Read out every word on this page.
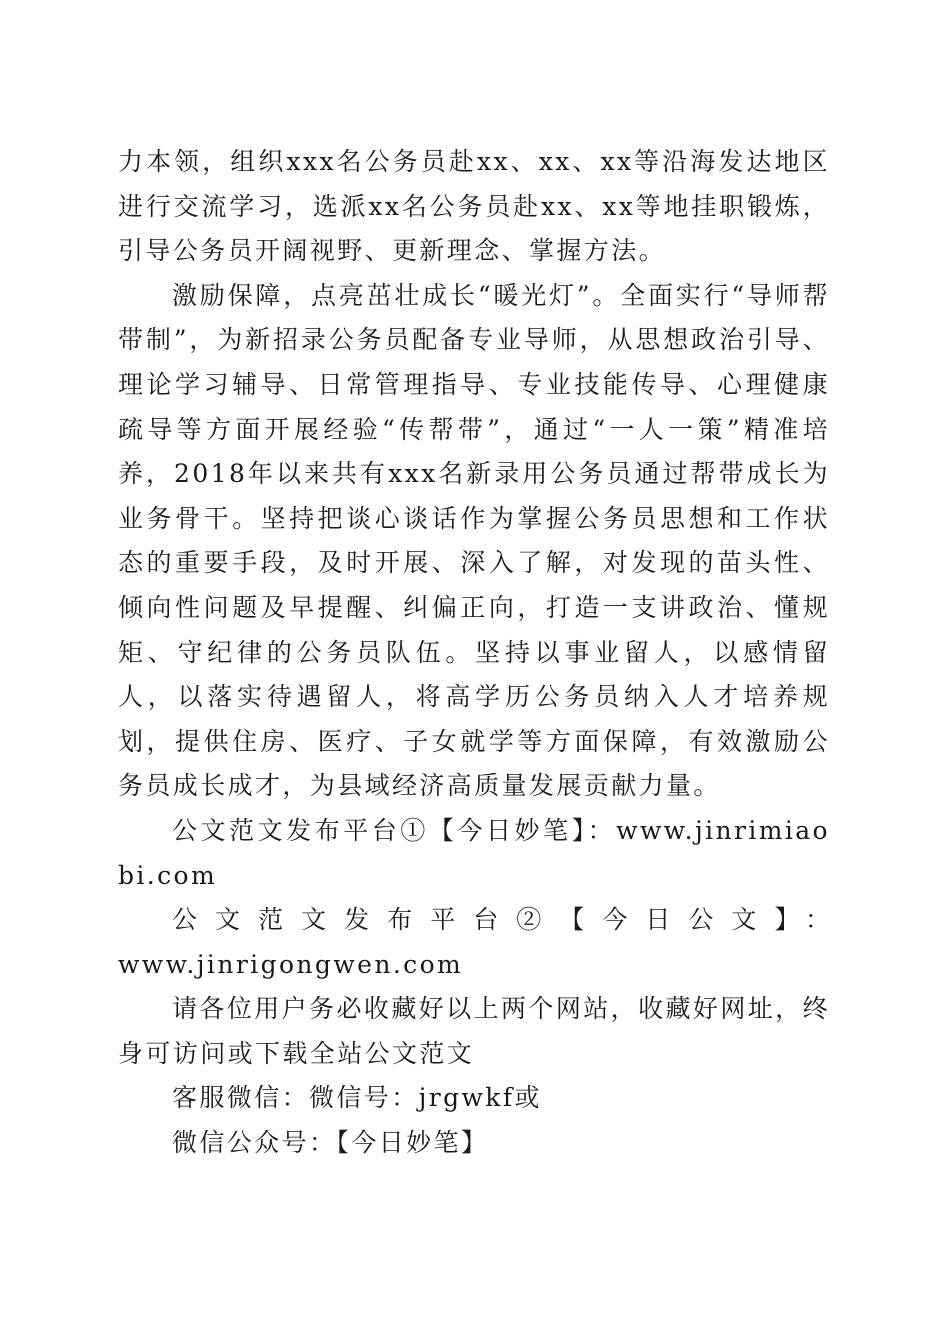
力本领，组织xxx名公务员赴xx、xx、xx等沿海发达地区进行交流学习，选派xx名公务员赴xx、xx等地挂职锻炼，引导公务员开阔视野、更新理念、掌握方法。

激励保障，点亮茁壮成长“暖光灯”。全面实行“导师帮带制”，为新招录公务员配备专业导师，从思想政治引导、理论学习辅导、日常管理指导、专业技能传导、心理健康疏导等方面开展经验“传帮带”，通过“一人一策”精准培养，2018年以来共有xxx名新录用公务员通过帮带成长为业务骨干。坚持把谈心谈话作为掌握公务员思想和工作状态的重要手段，及时开展、深入了解，对发现的苗头性、倾向性问题及早提醒、纠偏正向，打造一支讲政治、懂规矩、守纪律的公务员队伍。坚持以事业留人，以感情留人，以落实待遇留人，将高学历公务员纳入人才培养规划，提供住房、医疗、子女就学等方面保障，有效激励公务员成长成才，为县域经济高质量发展贡献力量。

公文范文发布平台①【今日妙笔】：www.jinrimiaobi.com

公文范文发布平台②【今日公文】：

www.jinrigongwen.com

请各位用户务必收藏好以上两个网站，收藏好网址，终身可访问或下载全站公文范文

客服微信：微信号：jrgwkf或

微信公众号：【今日妙笔】
